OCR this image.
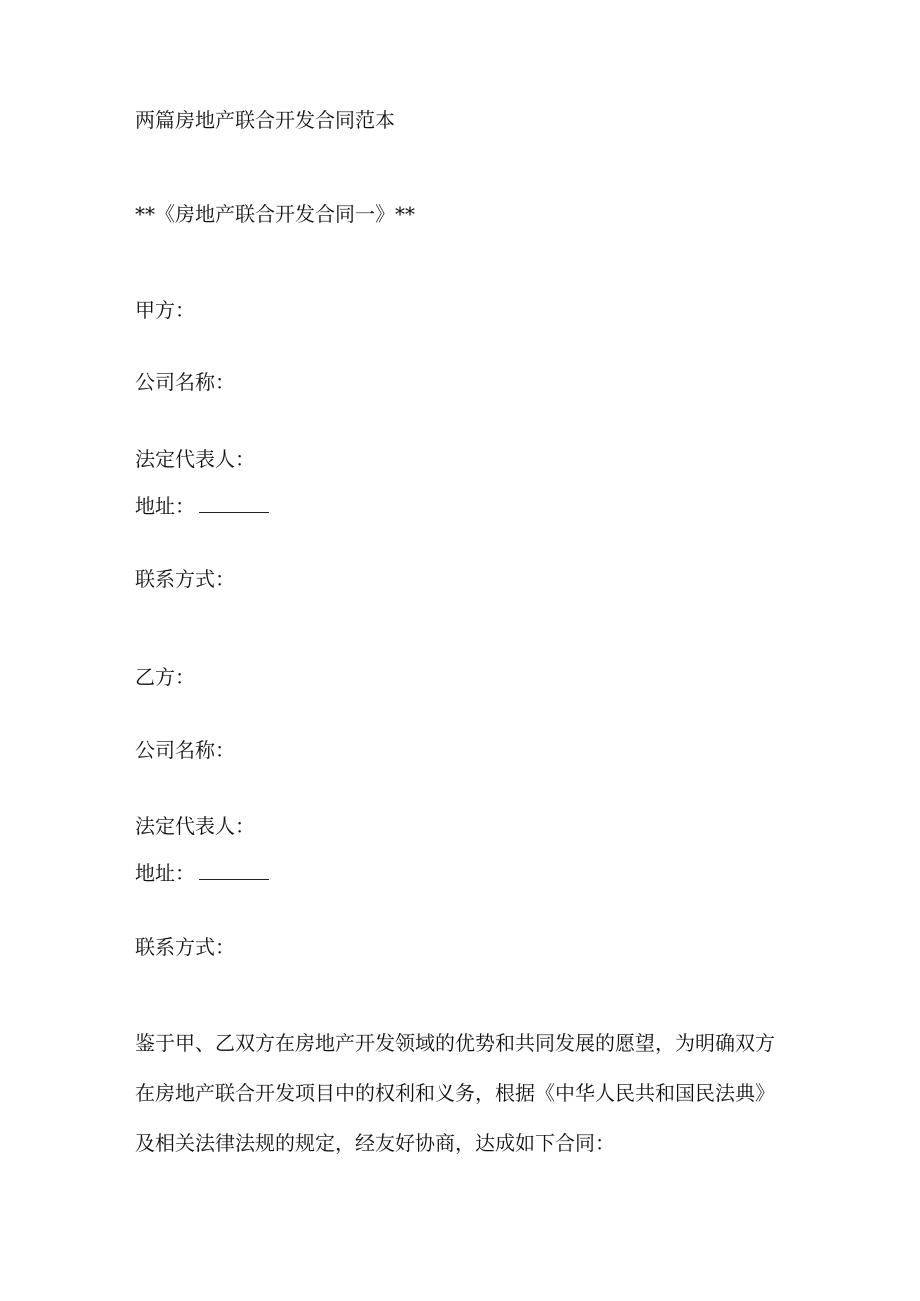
两篇房地产联合开发合同范本
**《房地产联合开发合同一》**
甲方：
公司名称：
法定代表人：
地址：
联系方式：
乙方：
公司名称：
法定代表人：
地址：
联系方式：
鉴于甲、乙双方在房地产开发领域的优势和共同发展的愿望，为明确双方在房地产联合开发项目中的权利和义务，根据《中华人民共和国民法典》及相关法律法规的规定，经友好协商，达成如下合同：
